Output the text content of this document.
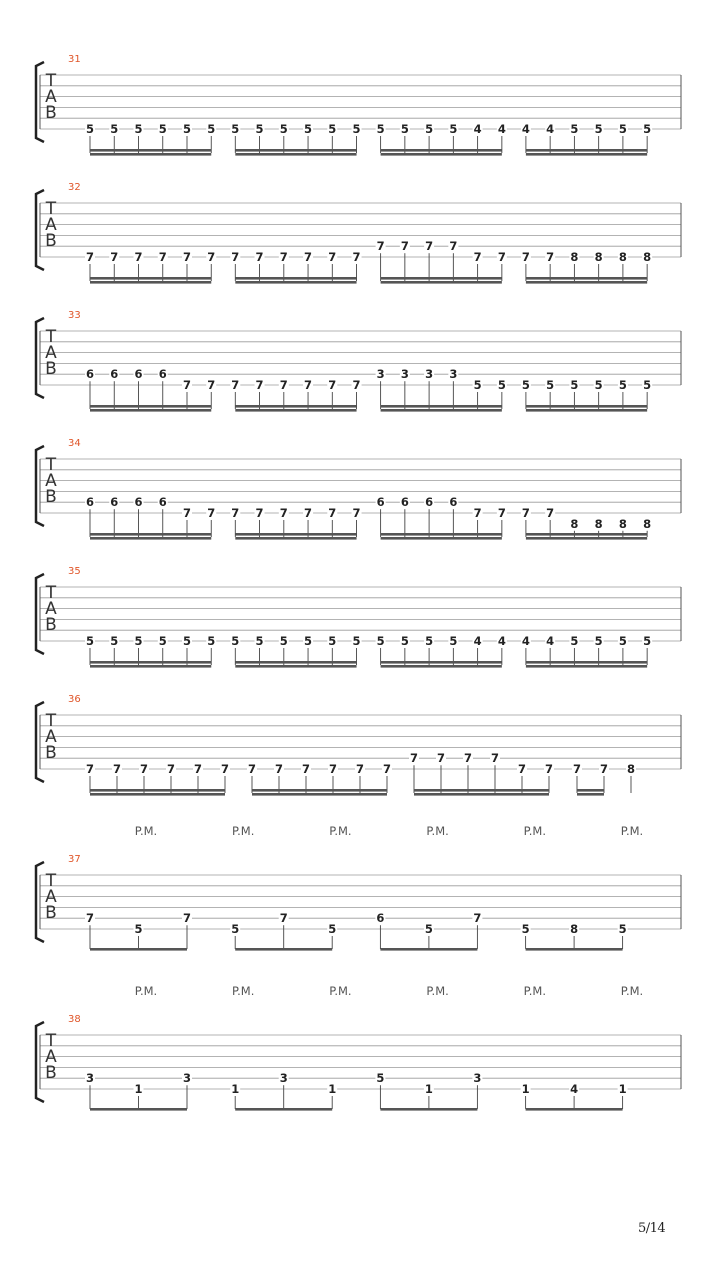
31
T
A
B
5 5 5 5 5 5 5 5 5 5 5 5 5 5 5 5 4 4 4 4 5 5 5 5
32
T
A
B
7 7 7 7 7 7 7 7 7 7 7 7
7 7 7 7
7 7 7 7 8 8 8 8
33
T
A
B	6 6 6 6
7 7 7 7 7 7 7 7
3 3 3 3
5 5 5 5 5 5 5 5
34
T
A
B	6 6 6 6
7 7 7 7 7 7 7 7
6 6 6 6
7 7 7 7
8 8 8 8
35
T
A
B
5 5 5 5 5 5 5 5 5 5 5 5 5 5 5 5 4 4 4 4 5 5 5 5
36
T
A
B
7 7 7 7 7 7 7 7 7 7 7 7
7 7 7 7
7 7 7 7 8
37
T
A
B	7
5
7
5
7
5
6
5
7
5	8	5
P.M.	P.M.	P.M.	P.M.	P.M.	P.M.
38
T
A
B	3
1
3
1
3
1
5
1
3
1	4	1
P.M.	P.M.	P.M.	P.M.	P.M.	P.M.
5/14
